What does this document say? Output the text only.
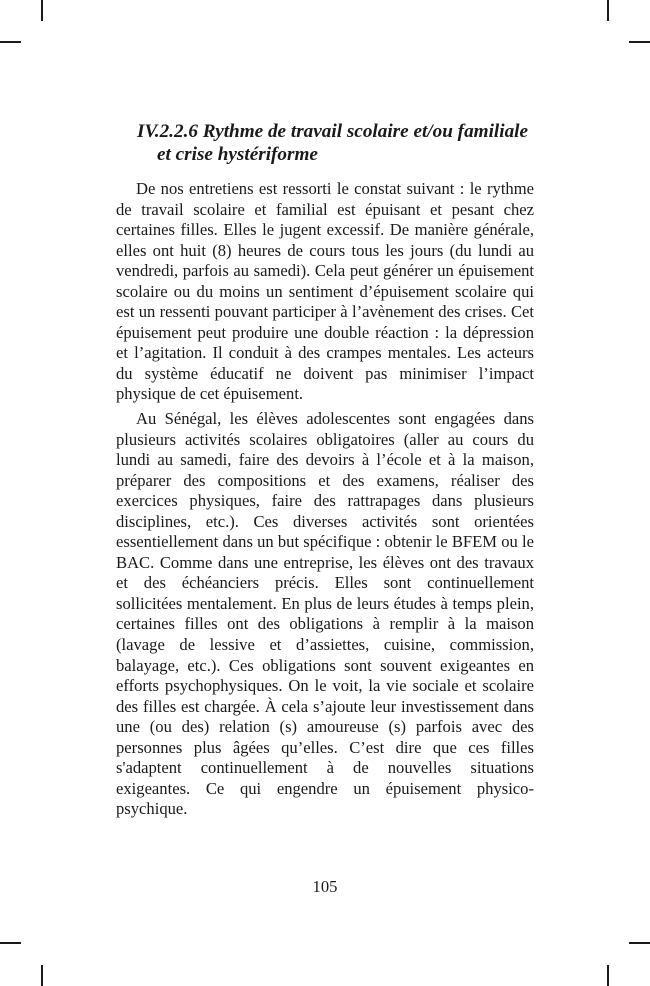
IV.2.2.6 Rythme de travail scolaire et/ou familiale et crise hystériforme

De nos entretiens est ressorti le constat suivant : le rythme de travail scolaire et familial est épuisant et pesant chez certaines filles. Elles le jugent excessif. De manière générale, elles ont huit (8) heures de cours tous les jours (du lundi au vendredi, parfois au samedi). Cela peut générer un épuisement scolaire ou du moins un sentiment d’épuisement scolaire qui est un ressenti pouvant participer à l’avènement des crises. Cet épuisement peut produire une double réaction : la dépression et l’agitation. Il conduit à des crampes mentales. Les acteurs du système éducatif ne doivent pas minimiser l’impact physique de cet épuisement.

Au Sénégal, les élèves adolescentes sont engagées dans plusieurs activités scolaires obligatoires (aller au cours du lundi au samedi, faire des devoirs à l’école et à la maison, préparer des compositions et des examens, réaliser des exercices physiques, faire des rattrapages dans plusieurs disciplines, etc.). Ces diverses activités sont orientées essentiellement dans un but spécifique : obtenir le BFEM ou le BAC. Comme dans une entreprise, les élèves ont des travaux et des échéanciers précis. Elles sont continuellement sollicitées mentalement. En plus de leurs études à temps plein, certaines filles ont des obligations à remplir à la maison (lavage de lessive et d’assiettes, cuisine, commission, balayage, etc.). Ces obligations sont souvent exigeantes en efforts psychophysiques. On le voit, la vie sociale et scolaire des filles est chargée. À cela s’ajoute leur investissement dans une (ou des) relation (s) amoureuse (s) parfois avec des personnes plus âgées qu’elles. C’est dire que ces filles s'adaptent continuellement à de nouvelles situations exigeantes. Ce qui engendre un épuisement physico-​psychique.

105
